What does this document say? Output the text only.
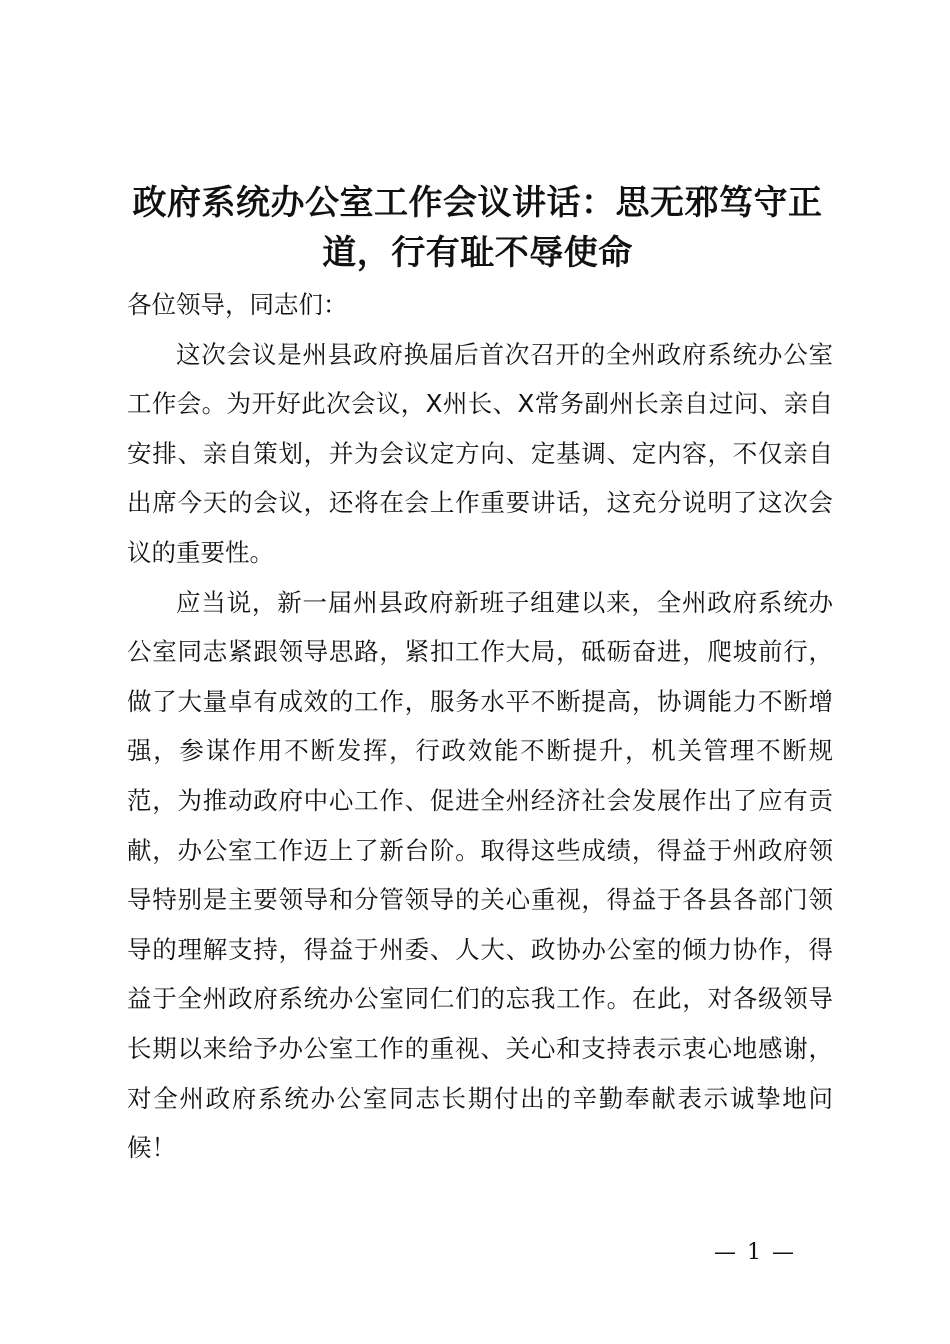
政府系统办公室工作会议讲话：思无邪笃守正道，行有耻不辱使命

各位领导，同志们：

这次会议是州县政府换届后首次召开的全州政府系统办公室工作会。为开好此次会议，X州长、X常务副州长亲自过问、亲自安排、亲自策划，并为会议定方向、定基调、定内容，不仅亲自出席今天的会议，还将在会上作重要讲话，这充分说明了这次会议的重要性。

应当说，新一届州县政府新班子组建以来，全州政府系统办公室同志紧跟领导思路，紧扣工作大局，砥砺奋进，爬坡前行，做了大量卓有成效的工作，服务水平不断提高，协调能力不断增强，参谋作用不断发挥，行政效能不断提升，机关管理不断规范，为推动政府中心工作、促进全州经济社会发展作出了应有贡献，办公室工作迈上了新台阶。取得这些成绩，得益于州政府领导特别是主要领导和分管领导的关心重视，得益于各县各部门领导的理解支持，得益于州委、人大、政协办公室的倾力协作，得益于全州政府系统办公室同仁们的忘我工作。在此，对各级领导长期以来给予办公室工作的重视、关心和支持表示衷心地感谢，对全州政府系统办公室同志长期付出的辛勤奉献表示诚挚地问候！

— 1 —
